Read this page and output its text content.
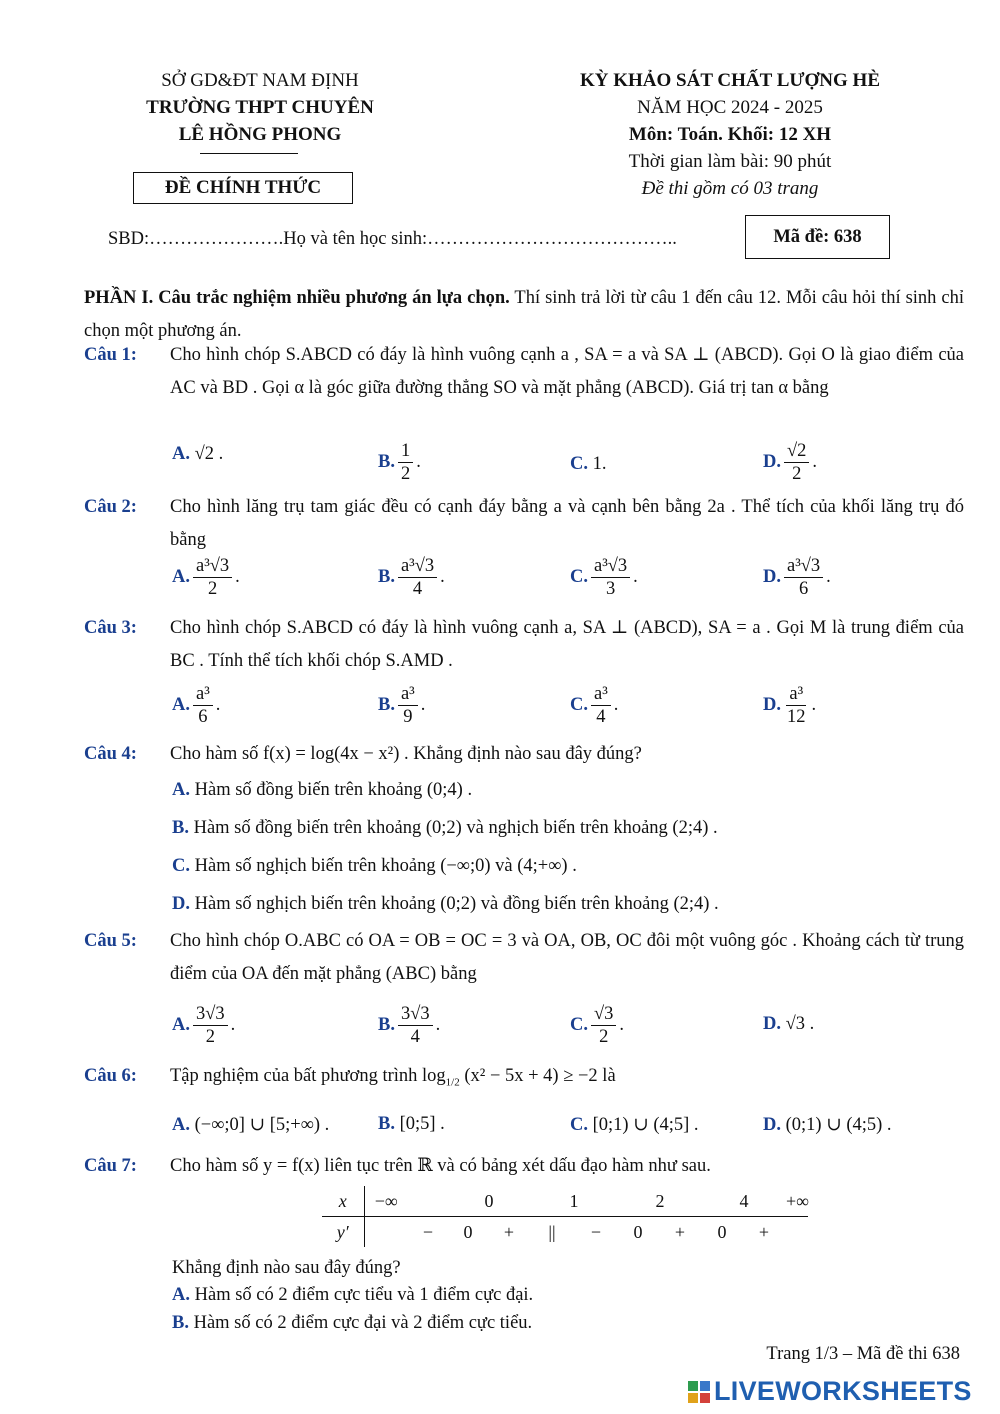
SỞ GD&ĐT NAM ĐỊNH
TRƯỜNG THPT CHUYÊN
LÊ HỒNG PHONG
ĐỀ CHÍNH THỨC
KỲ KHẢO SÁT CHẤT LƯỢNG HÈ
NĂM HỌC 2024 - 2025
Môn: Toán. Khối: 12 XH
Thời gian làm bài: 90 phút
Đề thi gồm có 03 trang
SBD:………………….Họ và tên học sinh:…………………………………..	Mã đề: 638
PHẦN I. Câu trắc nghiệm nhiều phương án lựa chọn. Thí sinh trả lời từ câu 1 đến câu 12. Mỗi câu hỏi thí sinh chỉ chọn một phương án.
Câu 1: Cho hình chóp S.ABCD có đáy là hình vuông cạnh a , SA = a và SA ⊥ (ABCD). Gọi O là giao điểm của AC và BD . Gọi α là góc giữa đường thẳng SO và mặt phẳng (ABCD). Giá trị tan α bằng
A.
√2 .	B. $\frac{1}{2}$ .	C.
1.	D. $\frac{√2}{2}$ .
Câu 2: Cho hình lăng trụ tam giác đều có cạnh đáy bằng a và cạnh bên bằng 2a . Thể tích của khối lăng trụ đó bằng
A. $\frac{\text{a³√3}}{2}$ .	B. $\frac{\text{a³√3}}{4}$ .	C. $\frac{\text{a³√3}}{3}$ .	D. $\frac{\text{a³√3}}{6}$ .
Câu 3: Cho hình chóp S.ABCD có đáy là hình vuông cạnh a, SA ⊥ (ABCD), SA = a . Gọi M là trung điểm của BC . Tính thể tích khối chóp S.AMD .
A. $\frac{\text{a³}}{6}$ .	B. $\frac{\text{a³}}{9}$ .	C. $\frac{\text{a³}}{4}$ .	D. $\frac{\text{a³}}{12}$ .
Câu 4: Cho hàm số f(x) = log(4x − x²) . Khẳng định nào sau đây đúng?
A. Hàm số đồng biến trên khoảng (0;4) .
B. Hàm số đồng biến trên khoảng (0;2) và nghịch biến trên khoảng (2;4) .
C. Hàm số nghịch biến trên khoảng (−∞;0) và (4;+∞) .
D. Hàm số nghịch biến trên khoảng (0;2) và đồng biến trên khoảng (2;4) .
Câu 5: Cho hình chóp O.ABC có OA = OB = OC = 3 và OA, OB, OC đôi một vuông góc . Khoảng cách từ trung điểm của OA đến mặt phẳng (ABC) bằng
A. $\frac{3√3}{2}$ .	B. $\frac{3√3}{4}$ .	C. $\frac{√3}{2}$ .	D.
√3 .
Câu 6: Tập nghiệm của bất phương trình $\log_{1/2} (x^2 - 5x + 4) \ge -2$ là
A.
(−∞;0] ∪ [5;+∞) .	B.
[0;5] .	C.
[0;1) ∪ (4;5] .	D.
(0;1) ∪ (4;5) .
Câu 7: Cho hàm số y = f(x) liên tục trên ℝ và có bảng xét dấu đạo hàm như sau.
x	−∞		0		1		2		4		+∞
y′		−	0	+	||	−	0	+	0	+	
Khẳng định nào sau đây đúng?
A. Hàm số có 2 điểm cực tiểu và 1 điểm cực đại.
B. Hàm số có 2 điểm cực đại và 2 điểm cực tiểu.
Trang 1/3 – Mã đề thi 638
LIVEWORKSHEETS
